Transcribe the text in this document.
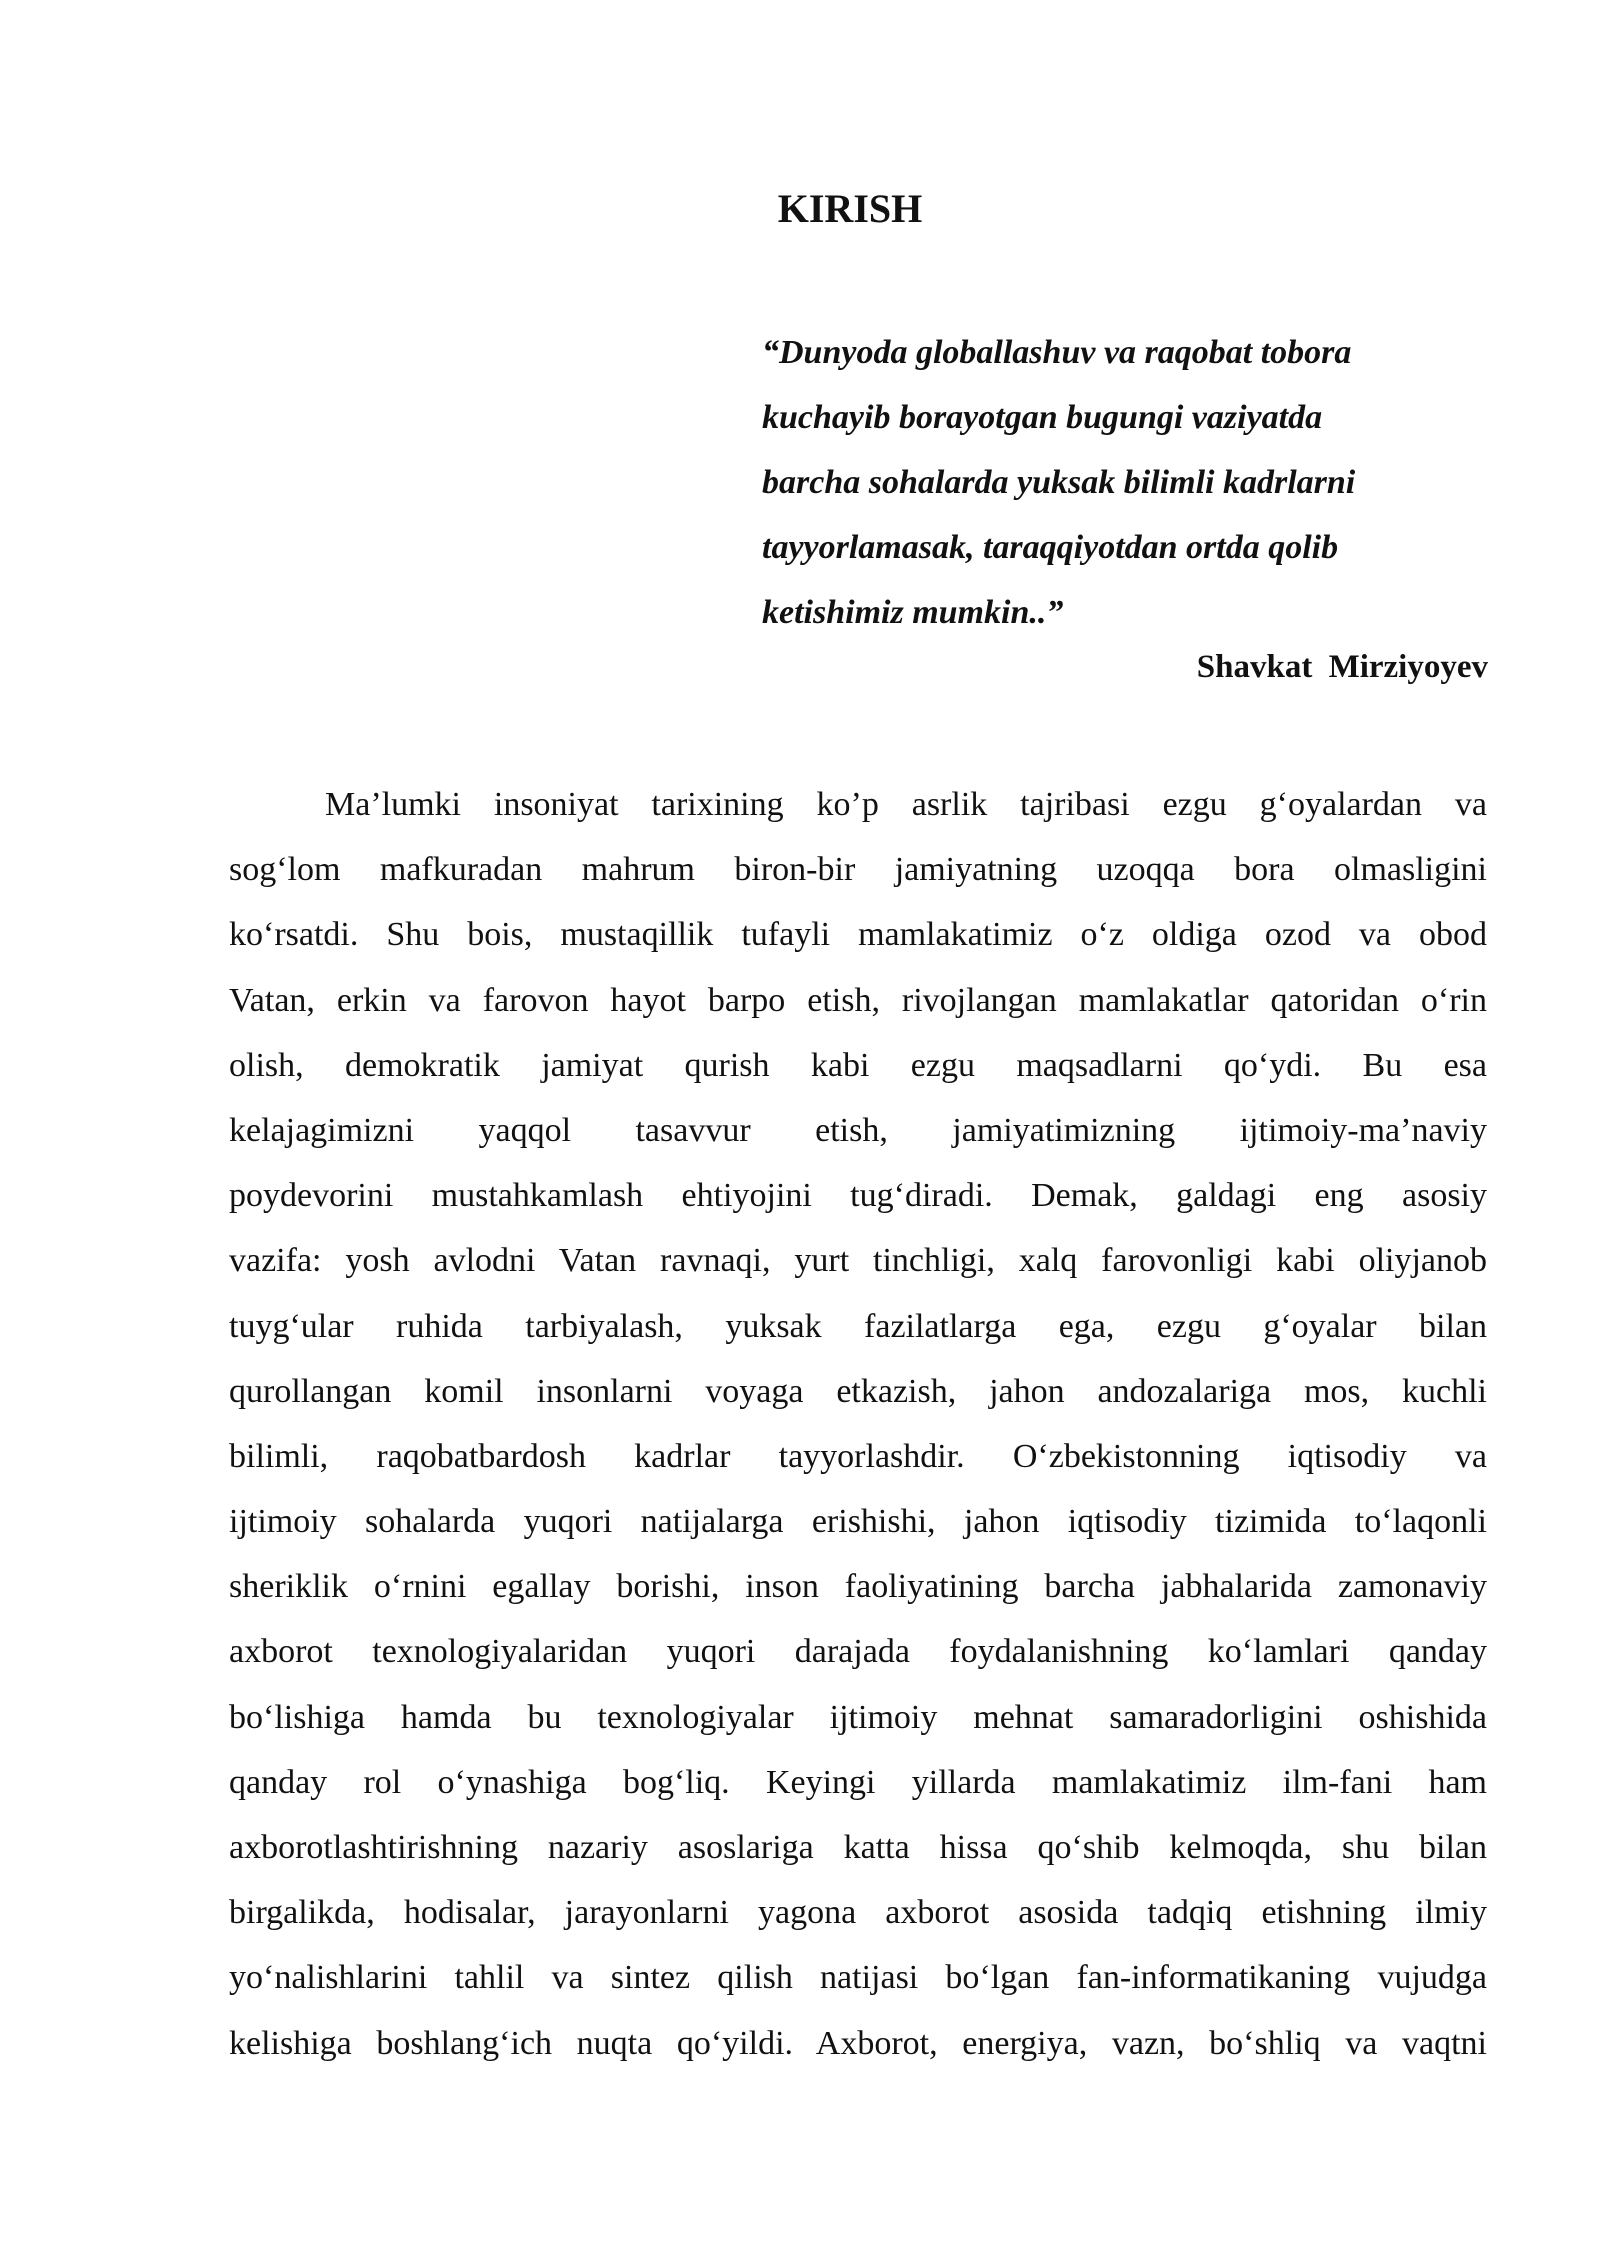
KIRISH
“Dunyoda globallashuv va raqobat tobora
kuchayib borayotgan bugungi vaziyatda
barcha sohalarda yuksak bilimli kadrlarni
tayyorlamasak, taraqqiyotdan ortda qolib
ketishimiz mumkin..”
Shavkat Mirziyoyev
Ma’lumki insoniyat tarixining ko’p asrlik tajribasi ezgu g‘oyalardan va
sog‘lom mafkuradan mahrum biron-bir jamiyatning uzoqqa bora olmasligini
ko‘rsatdi. Shu bois, mustaqillik tufayli mamlakatimiz o‘z oldiga ozod va obod
Vatan, erkin va farovon hayot barpo etish, rivojlangan mamlakatlar qatoridan o‘rin
olish, demokratik jamiyat qurish kabi ezgu maqsadlarni qo‘ydi. Bu esa
kelajagimizni yaqqol tasavvur etish, jamiyatimizning ijtimoiy-ma’naviy
poydevorini mustahkamlash ehtiyojini tug‘diradi. Demak, galdagi eng asosiy
vazifa: yosh avlodni Vatan ravnaqi, yurt tinchligi, xalq farovonligi kabi oliyjanob
tuyg‘ular ruhida tarbiyalash, yuksak fazilatlarga ega, ezgu g‘oyalar bilan
qurollangan komil insonlarni voyaga etkazish, jahon andozalariga mos, kuchli
bilimli, raqobatbardosh kadrlar tayyorlashdir. O‘zbekistonning iqtisodiy va
ijtimoiy sohalarda yuqori natijalarga erishishi, jahon iqtisodiy tizimida to‘laqonli
sheriklik o‘rnini egallay borishi, inson faoliyatining barcha jabhalarida zamonaviy
axborot texnologiyalaridan yuqori darajada foydalanishning ko‘lamlari qanday
bo‘lishiga hamda bu texnologiyalar ijtimoiy mehnat samaradorligini oshishida
qanday rol o‘ynashiga bog‘liq. Keyingi yillarda mamlakatimiz ilm-fani ham
axborotlashtirishning nazariy asoslariga katta hissa qo‘shib kelmoqda, shu bilan
birgalikda, hodisalar, jarayonlarni yagona axborot asosida tadqiq etishning ilmiy
yo‘nalishlarini tahlil va sintez qilish natijasi bo‘lgan fan-informatikaning vujudga
kelishiga boshlang‘ich nuqta qo‘yildi. Axborot, energiya, vazn, bo‘shliq va vaqtni
